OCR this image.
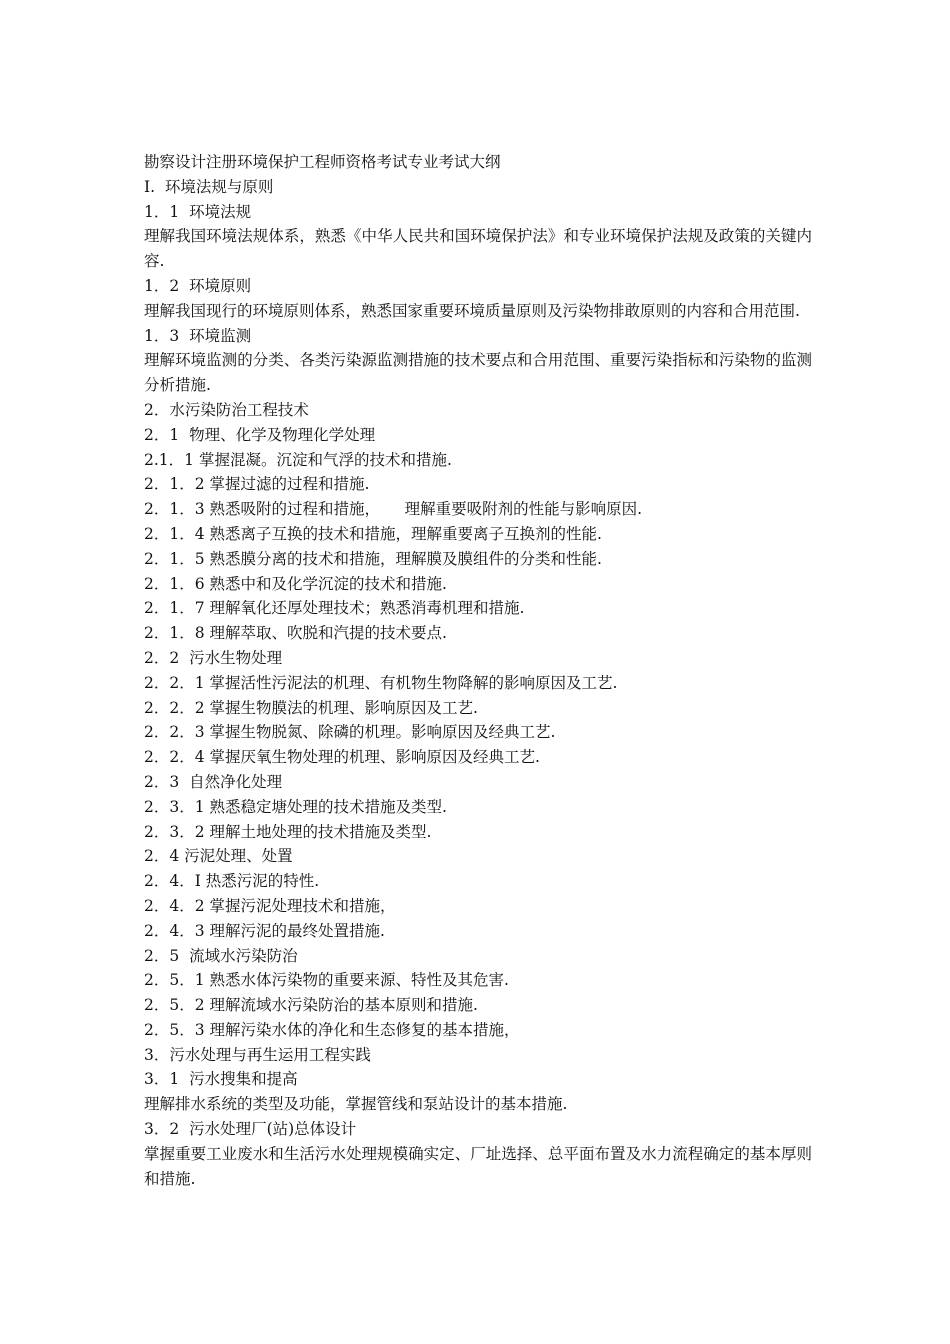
勘察设计注册环境保护工程师资格考试专业考试大纲
I.  环境法规与原则
1．1  环境法规
理解我国环境法规体系，熟悉《中华人民共和国环境保护法》和专业环境保护法规及政策的关键内容.
1．2  环境原则
理解我国现行的环境原则体系，熟悉国家重要环境质量原则及污染物排敢原则的内容和合用范围.
1．3  环境监测
理解环境监测的分类、各类污染源监测措施的技术要点和合用范围、重要污染指标和污染物的监测分析措施.
2．水污染防治工程技术
2．1  物理、化学及物理化学处理
2.1．1 掌握混凝。沉淀和气浮的技术和措施.
2．1．2 掌握过滤的过程和措施.
2．1．3 熟悉吸附的过程和措施，     理解重要吸附剂的性能与影响原因.
2．1．4 熟悉离子互换的技术和措施，理解重要离子互换剂的性能.
2．1．5 熟悉膜分离的技术和措施，理解膜及膜组件的分类和性能.
2．1．6 熟悉中和及化学沉淀的技术和措施.
2．1．7 理解氧化还厚处理技术；熟悉消毒机理和措施.
2．1．8 理解萃取、吹脱和汽提的技术要点.
2．2  污水生物处理
2．2．1 掌握活性污泥法的机理、有机物生物降解的影响原因及工艺.
2．2．2 掌握生物膜法的机理、影响原因及工艺.
2．2．3 掌握生物脱氮、除磷的机理。影响原因及经典工艺.
2．2．4 掌握厌氧生物处理的机理、影响原因及经典工艺.
2．3  自然净化处理
2．3．1 熟悉稳定塘处理的技术措施及类型.
2．3．2 理解土地处理的技术措施及类型.
2．4 污泥处理、处置
2．4．I 热悉污泥的特性.
2．4．2 掌握污泥处理技术和措施，
2．4．3 理解污泥的最终处置措施.
2．5  流域水污染防治
2．5．1 熟悉水体污染物的重要来源、特性及其危害.
2．5．2 理解流域水污染防治的基本原则和措施.
2．5．3 理解污染水体的净化和生态修复的基本措施，
3．污水处理与再生运用工程实践
3．1  污水搜集和提高
理解排水系统的类型及功能，掌握管线和泵站设计的基本措施.
3．2  污水处理厂(站)总体设计
掌握重要工业废水和生活污水处理规模确实定、厂址选择、总平面布置及水力流程确定的基本厚则和措施.
